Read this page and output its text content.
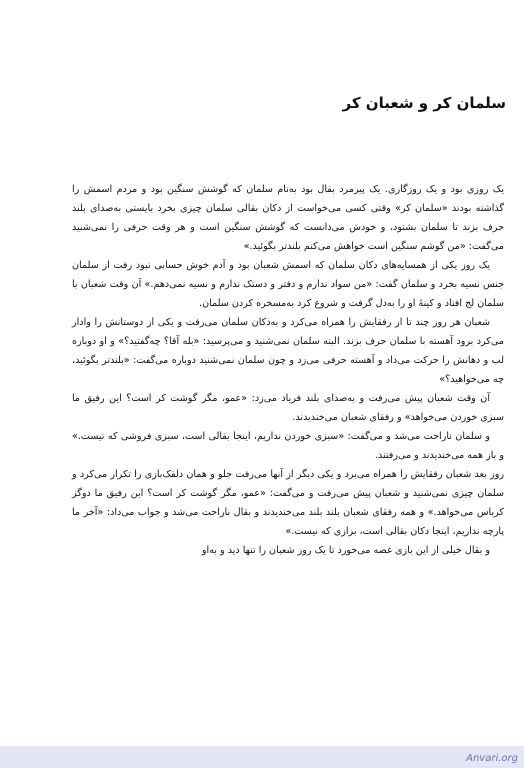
سلمان کر و شعبان کر

یک روزی بود و یک روزگاری. یک پیرمرد بقال بود به‌نام سلمان که گوشش سنگین بود و مردم اسمش را گذاشته بودند «سلمان کر» وقتی کسی می‌خواست از دکان بقالی سلمان چیزی بخرد بایستی به‌صدای بلند حرف بزند تا سلمان بشنود، و خودش می‌دانست که گوشش سنگین است و هر وقت حرفی را نمی‌شنید می‌گفت: «من گوشم سنگین است خواهش می‌کنم بلندتر بگوئید.»

یک روز یکی از همسایه‌های دکان سلمان که اسمش شعبان بود و آدم خوش حسابی نبود رفت از سلمان جنس نسیه بخرد و سلمان گفت: «من سواد ندارم و دفتر و دستک ندارم و نسیه نمی‌دهم.» آن وقت شعبان با سلمان لج افتاد و کینهٔ او را به‌دل گرفت و شروع کرد به‌مسخره کردن سلمان.

شعبان هر روز چند تا از رفقایش را همراه می‌کرد و به‌دکان سلمان می‌رفت و یکی از دوستانش را وادار می‌کرد برود آهسته با سلمان حرف بزند. البته سلمان نمی‌شنید و می‌پرسید: «بله آقا؟ چه‌گفتید؟» و او دوباره لب و دهانش را حرکت می‌داد و آهسته حرفی می‌زد و چون سلمان نمی‌شنید دوباره می‌گفت: «بلندتر بگوئید، چه می‌خواهید؟»

آن وقت شعبان پیش می‌رفت و به‌صدای بلند فریاد می‌زد: «عمو، مگر گوشت کر است؟ این رفیق ما سبزی خوردن می‌خواهد» و رفقای شعبان می‌خندیدند.

و سلمان ناراحت می‌شد و می‌گفت: «سبزی خوردن نداریم، اینجا بقالی است، سبزی فروشی که نیست.» و باز همه می‌خندیدند و می‌رفتند.

روز بعد شعبان رفقایش را همراه می‌برد و یکی دیگر از آنها می‌رفت جلو و همان دلقک‌بازی را تکرار می‌کرد و سلمان چیزی نمی‌شنید و شعبان پیش می‌رفت و می‌گفت: «عمو، مگر گوشت کر است؟ این رفیق ما دوگز کرباس می‌خواهد.» و همه رفقای شعبان بلند بلند می‌خندیدند و بقال ناراحت می‌شد و جواب می‌داد: «آخر ما پارچه نداریم، اینجا دکان بقالی است، بزازی که نیست.»

و بقال خیلی از این بازی غصه می‌خورد تا یک روز شعبان را تنها دید و به‌او

Anvari.org
